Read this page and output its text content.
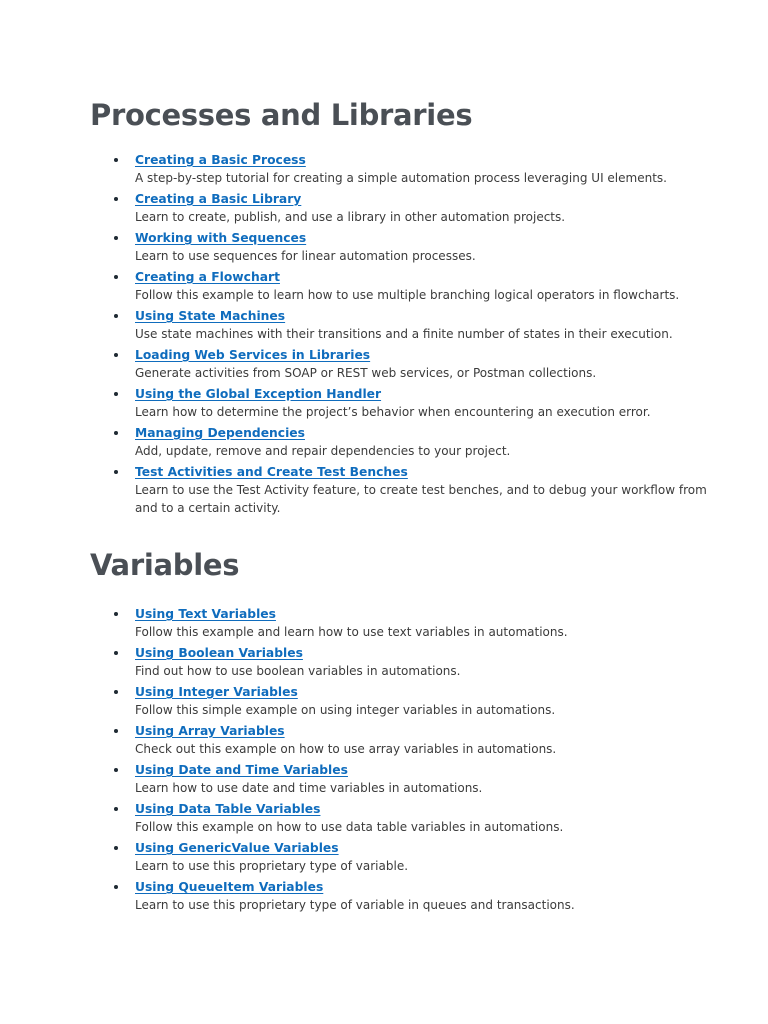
Processes and Libraries
Creating a Basic Process
A step-by-step tutorial for creating a simple automation process leveraging UI elements.
Creating a Basic Library
Learn to create, publish, and use a library in other automation projects.
Working with Sequences
Learn to use sequences for linear automation processes.
Creating a Flowchart
Follow this example to learn how to use multiple branching logical operators in flowcharts.
Using State Machines
Use state machines with their transitions and a finite number of states in their execution.
Loading Web Services in Libraries
Generate activities from SOAP or REST web services, or Postman collections.
Using the Global Exception Handler
Learn how to determine the project’s behavior when encountering an execution error.
Managing Dependencies
Add, update, remove and repair dependencies to your project.
Test Activities and Create Test Benches
Learn to use the Test Activity feature, to create test benches, and to debug your workflow from and to a certain activity.
Variables
Using Text Variables
Follow this example and learn how to use text variables in automations.
Using Boolean Variables
Find out how to use boolean variables in automations.
Using Integer Variables
Follow this simple example on using integer variables in automations.
Using Array Variables
Check out this example on how to use array variables in automations.
Using Date and Time Variables
Learn how to use date and time variables in automations.
Using Data Table Variables
Follow this example on how to use data table variables in automations.
Using GenericValue Variables
Learn to use this proprietary type of variable.
Using QueueItem Variables
Learn to use this proprietary type of variable in queues and transactions.
